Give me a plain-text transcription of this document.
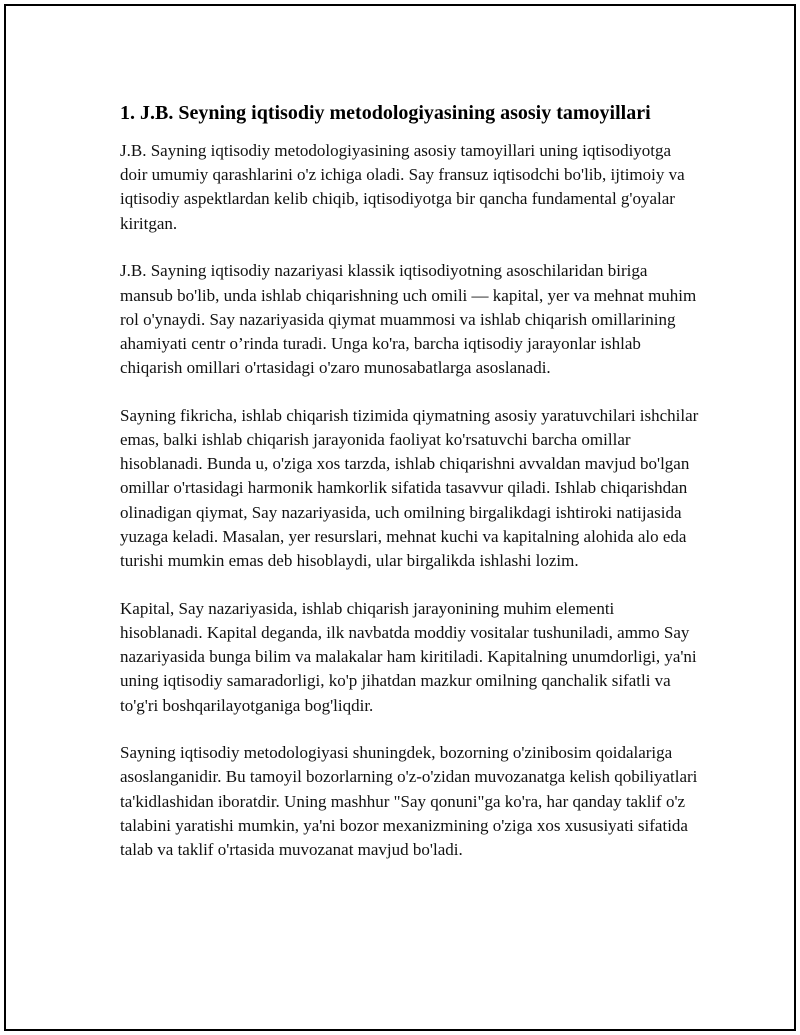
1. J.B. Seyning iqtisodiy metodologiyasining asosiy tamoyillari

J.B. Sayning iqtisodiy metodologiyasining asosiy tamoyillari uning iqtisodiyotga doir umumiy qarashlarini o'z ichiga oladi. Say fransuz iqtisodchi bo'lib, ijtimoiy va iqtisodiy aspektlardan kelib chiqib, iqtisodiyotga bir qancha fundamental g'oyalar kiritgan.

J.B. Sayning iqtisodiy nazariyasi klassik iqtisodiyotning asoschilaridan biriga mansub bo'lib, unda ishlab chiqarishning uch omili — kapital, yer va mehnat muhim rol o'ynaydi. Say nazariyasida qiymat muammosi va ishlab chiqarish omillarining ahamiyati centr o’rinda turadi. Unga ko'ra, barcha iqtisodiy jarayonlar ishlab chiqarish omillari o'rtasidagi o'zaro munosabatlarga asoslanadi.

Sayning fikricha, ishlab chiqarish tizimida qiymatning asosiy yaratuvchilari ishchilar emas, balki ishlab chiqarish jarayonida faoliyat ko'rsatuvchi barcha omillar hisoblanadi. Bunda u, o'ziga xos tarzda, ishlab chiqarishni avvaldan mavjud bo'lgan omillar o'rtasidagi harmonik hamkorlik sifatida tasavvur qiladi. Ishlab chiqarishdan olinadigan qiymat, Say nazariyasida, uch omilning birgalikdagi ishtiroki natijasida yuzaga keladi. Masalan, yer resurslari, mehnat kuchi va kapitalning alohida alo eda turishi mumkin emas deb hisoblaydi, ular birgalikda ishlashi lozim.

Kapital, Say nazariyasida, ishlab chiqarish jarayonining muhim elementi hisoblanadi. Kapital deganda, ilk navbatda moddiy vositalar tushuniladi, ammo Say nazariyasida bunga bilim va malakalar ham kiritiladi. Kapitalning unumdorligi, ya'ni uning iqtisodiy samaradorligi, ko'p jihatdan mazkur omilning qanchalik sifatli va to'g'ri boshqarilayotganiga bog'liqdir.

Sayning iqtisodiy metodologiyasi shuningdek, bozorning o'zinibosim qoidalariga asoslanganidir. Bu tamoyil bozorlarning o'z-o'zidan muvozanatga kelish qobiliyatlari ta'kidlashidan iboratdir. Uning mashhur "Say qonuni"ga ko'ra, har qanday taklif o'z talabini yaratishi mumkin, ya'ni bozor mexanizmining o'ziga xos xususiyati sifatida talab va taklif o'rtasida muvozanat mavjud bo'ladi.
